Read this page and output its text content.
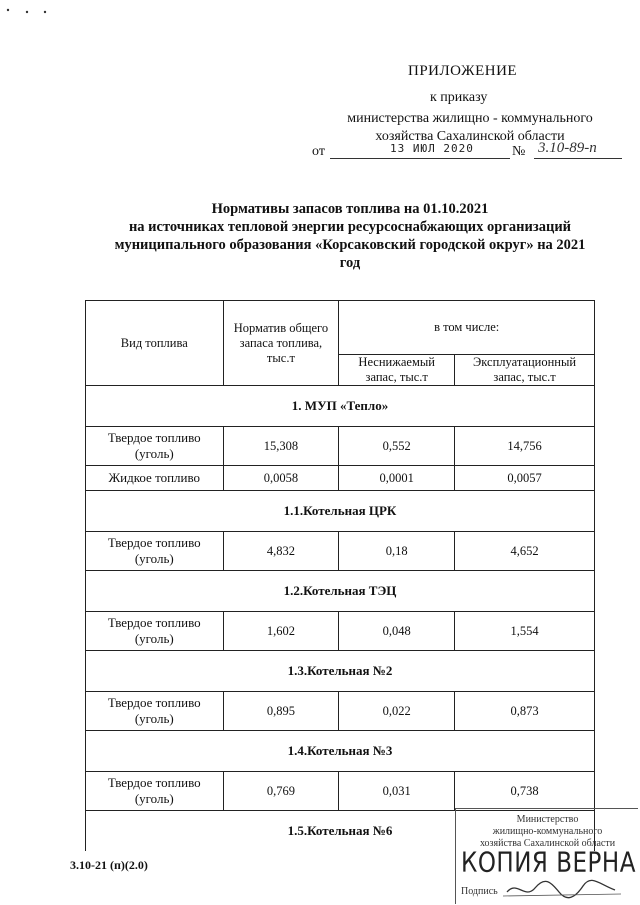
ПРИЛОЖЕНИЕ
к приказу
министерства жилищно - коммунального
хозяйства Сахалинской области
от	13 ИЮЛ 2020	№ 3.10-89-п
Нормативы запасов топлива на 01.10.2021
на источниках тепловой энергии ресурсоснабжающих организаций
муниципального образования «Корсаковский городской округ» на 2021
год
Вид топлива	Норматив общего запаса топлива, тыс.т	в том числе:	
		Неснижаемый запас, тыс.т	Эксплуатационный запас, тыс.т
1. МУП «Тепло»			
Твердое топливо (уголь)	15,308	0,552	14,756
Жидкое топливо	0,0058	0,0001	0,0057
1.1.Котельная ЦРК			
Твердое топливо (уголь)	4,832	0,18	4,652
1.2.Котельная ТЭЦ			
Твердое топливо (уголь)	1,602	0,048	1,554
1.3.Котельная №2			
Твердое топливо (уголь)	0,895	0,022	0,873
1.4.Котельная №3			
Твердое топливо (уголь)	0,769	0,031	0,738
1.5.Котельная №6			
3.10-21 (п)(2.0)
Министерство
жилищно-коммунального
хозяйства Сахалинской области
КОПИЯ ВЕРНА
Подпись
